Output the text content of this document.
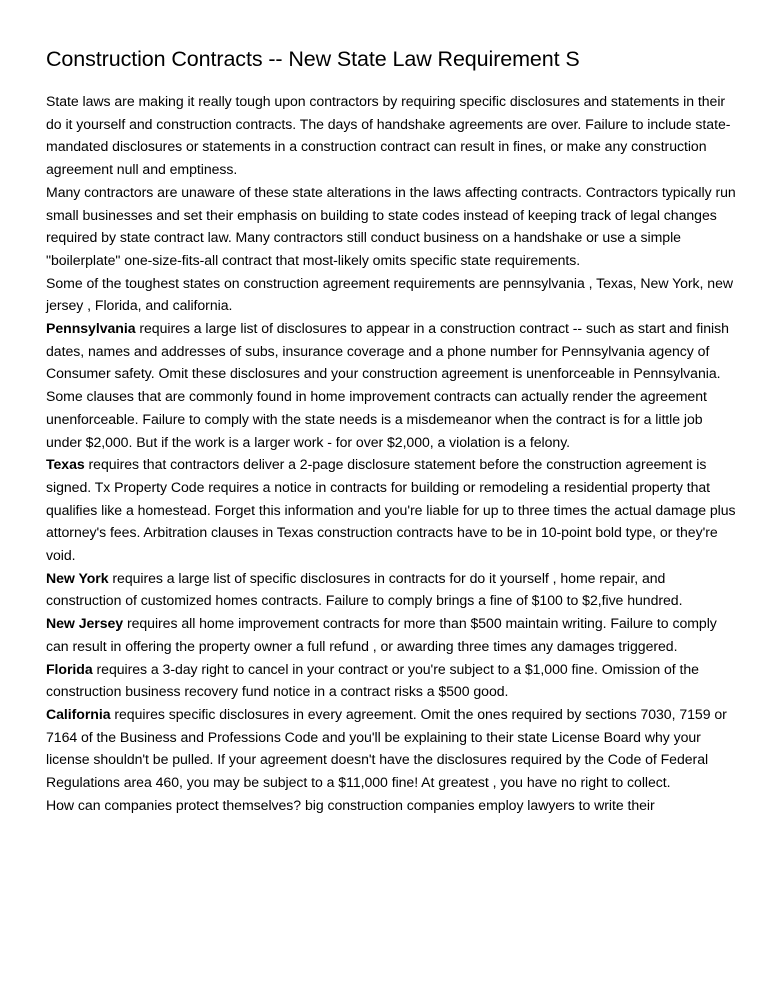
Construction Contracts -- New State Law Requirement S

State laws are making it really tough upon contractors by requiring specific disclosures and statements in their do it yourself and construction contracts. The days of handshake agreements are over. Failure to include state-mandated disclosures or statements in a construction contract can result in fines, or make any construction agreement null and emptiness.

Many contractors are unaware of these state alterations in the laws affecting contracts. Contractors typically run small businesses and set their emphasis on building to state codes instead of keeping track of legal changes required by state contract law. Many contractors still conduct business on a handshake or use a simple "boilerplate" one-size-fits-all contract that most-likely omits specific state requirements.

Some of the toughest states on construction agreement requirements are pennsylvania , Texas, New York, new jersey , Florida, and california.

Pennsylvania requires a large list of disclosures to appear in a construction contract -- such as start and finish dates, names and addresses of subs, insurance coverage and a phone number for Pennsylvania agency of Consumer safety. Omit these disclosures and your construction agreement is unenforceable in Pennsylvania. Some clauses that are commonly found in home improvement contracts can actually render the agreement unenforceable. Failure to comply with the state needs is a misdemeanor when the contract is for a little job under $2,000. But if the work is a larger work - for over $2,000, a violation is a felony.

Texas requires that contractors deliver a 2-page disclosure statement before the construction agreement is signed. Tx Property Code requires a notice in contracts for building or remodeling a residential property that qualifies like a homestead. Forget this information and you're liable for up to three times the actual damage plus attorney's fees. Arbitration clauses in Texas construction contracts have to be in 10-point bold type, or they're void.

New York requires a large list of specific disclosures in contracts for do it yourself , home repair, and construction of customized homes contracts. Failure to comply brings a fine of $100 to $2,five hundred.

New Jersey requires all home improvement contracts for more than $500 maintain writing. Failure to comply can result in offering the property owner a full refund , or awarding three times any damages triggered.

Florida requires a 3-day right to cancel in your contract or you're subject to a $1,000 fine. Omission of the construction business recovery fund notice in a contract risks a $500 good.

California requires specific disclosures in every agreement. Omit the ones required by sections 7030, 7159 or 7164 of the Business and Professions Code and you'll be explaining to their state License Board why your license shouldn't be pulled. If your agreement doesn't have the disclosures required by the Code of Federal Regulations area 460, you may be subject to a $11,000 fine! At greatest , you have no right to collect.

How can companies protect themselves? big construction companies employ lawyers to write their
